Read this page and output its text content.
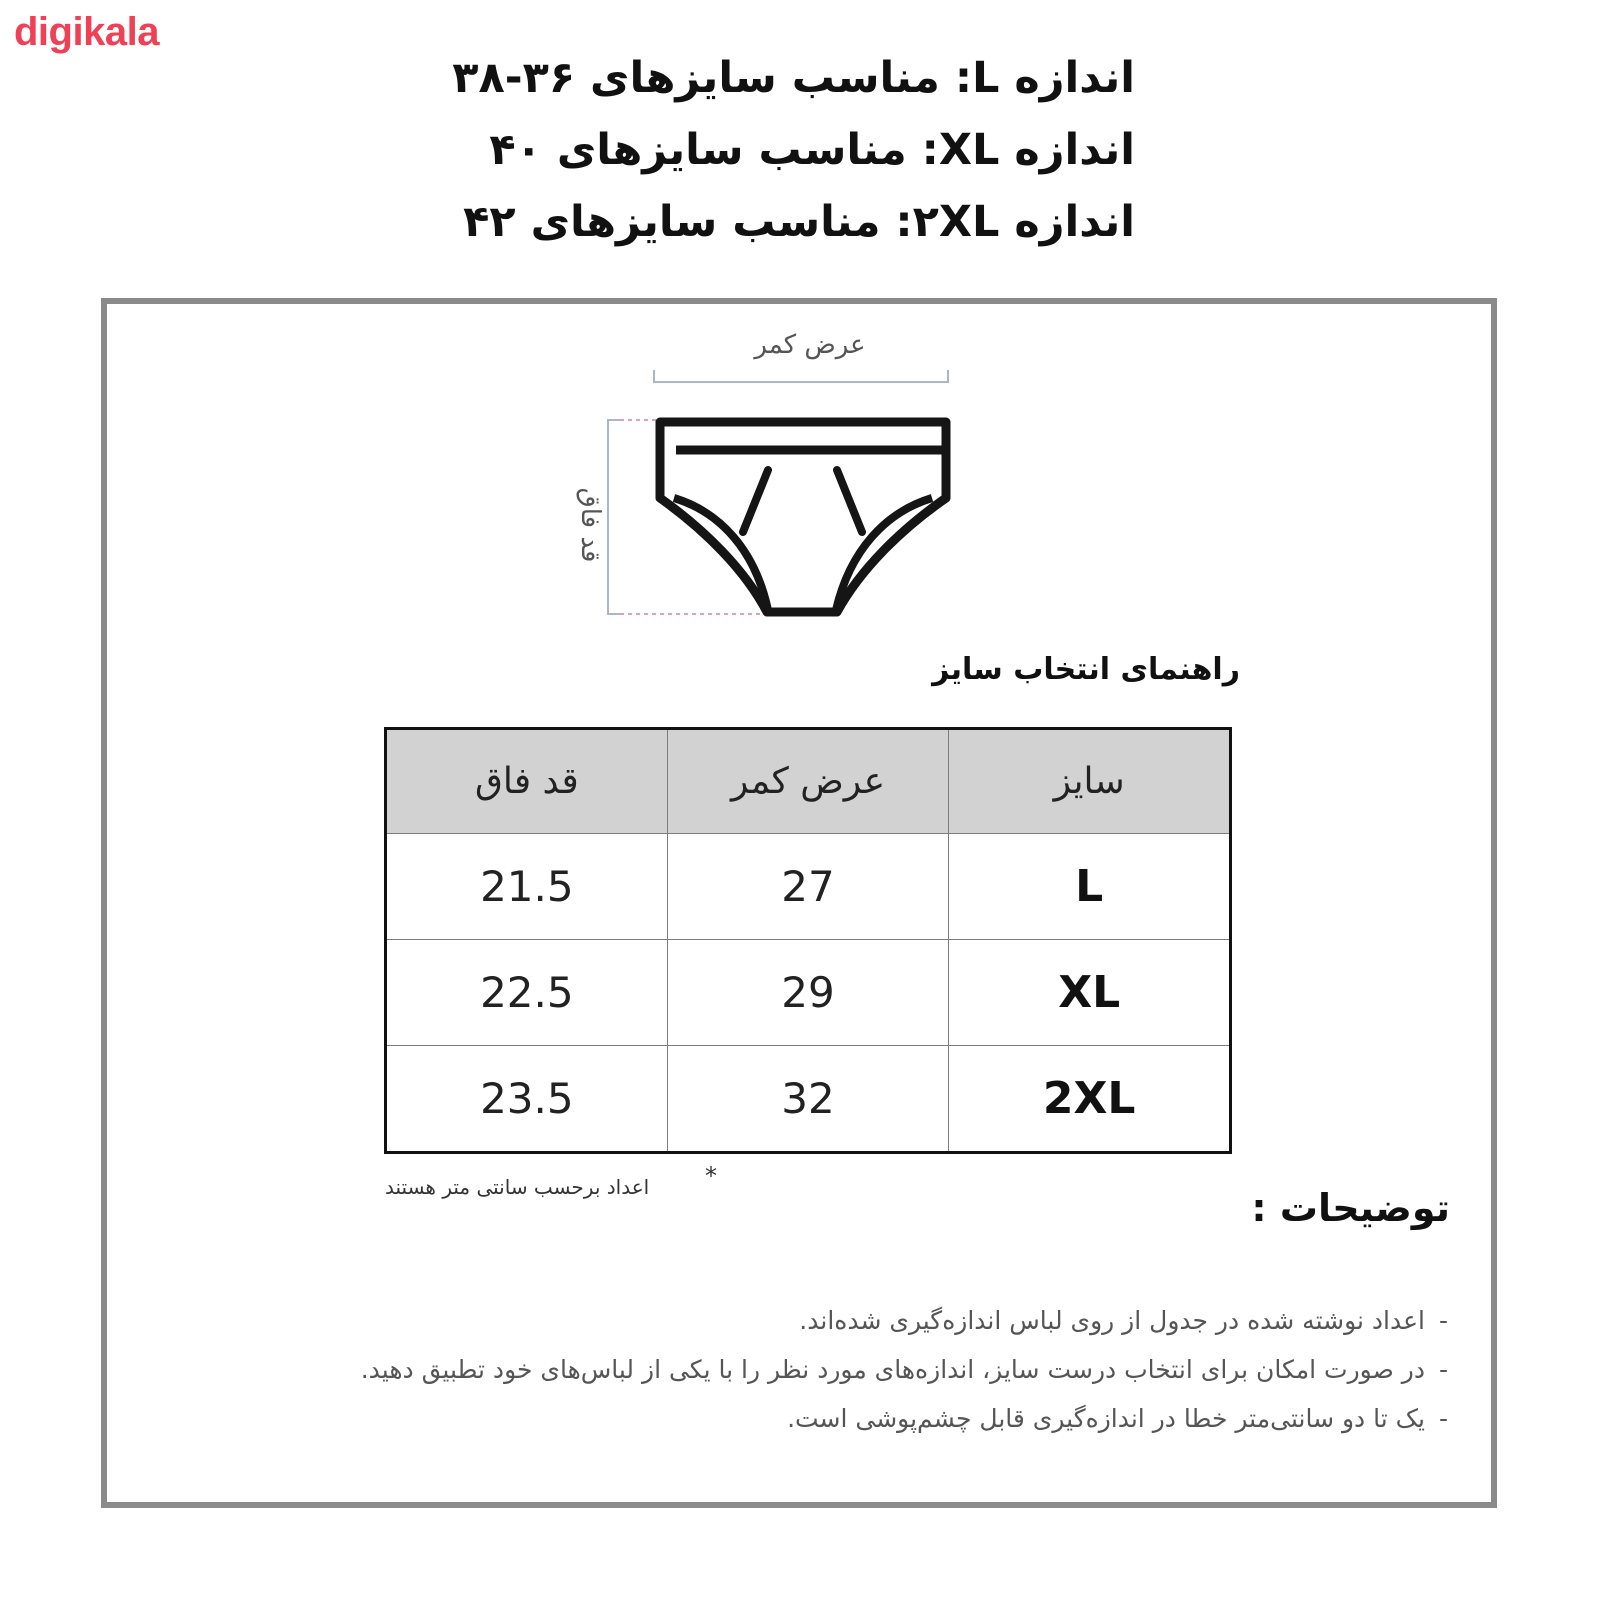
digikala
اندازه L: مناسب سایزهای ۳۶-۳۸
اندازه XL: مناسب سایزهای ۴۰
اندازه ۲XL: مناسب سایزهای ۴۲
عرض کمر
قد فاق
راهنمای انتخاب سایز
سایز	عرض کمر	قد فاق
L	27	21.5
XL	29	22.5
2XL	32	23.5
*
اعداد برحسب سانتی متر هستند	توضیحات :
-اعداد نوشته شده در جدول از روی لباس اندازه‌گیری شده‌اند.
-در صورت امکان برای انتخاب درست سایز، اندازه‌های مورد نظر را با یکی از لباس‌های خود تطبیق دهید.
-یک تا دو سانتی‌متر خطا در اندازه‌گیری قابل چشم‌پوشی است.
